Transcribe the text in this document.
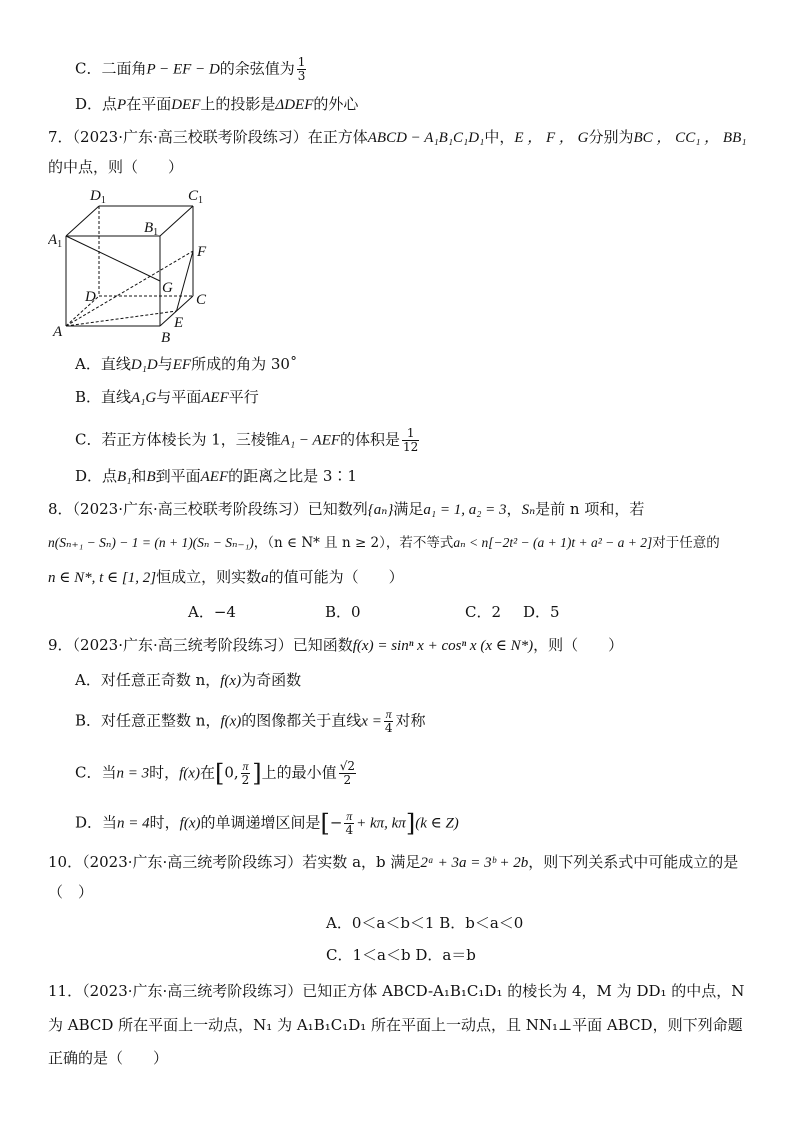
C．二面角P − EF − D的余弦值为 $\frac{1}{3}$
D．点P在平面DEF上的投影是ΔDEF的外心
7．（2023·广东·高三校联考阶段练习）在正方体ABCD − A₁B₁C₁D₁中，E ， F ， G分别为BC ， CC₁ ， BB₁
的中点，则（　　）
$D_1$	$C_1$
$B_1$
$A_1$	F
D
G
C
A
E
B
A．直线D₁D与EF所成的角为 30˚
B．直线A₁G与平面AEF平行
C．若正方体棱长为 1，三棱锥A₁ − AEF的体积是 $\frac{1}{12}$
D．点B₁和B到平面AEF的距离之比是 3∶1
8．（2023·广东·高三校联考阶段练习）已知数列{aₙ}满足a₁ = 1, a₂ = 3，Sₙ是前 n 项和，若
n(Sₙ₊₁ − Sₙ) − 1 = (n + 1)(Sₙ − Sₙ₋₁)，（n ∈ N* 且 n ≥ 2），若不等式aₙ < n[−2t² − (a + 1)t + a² − a + 2]对于任意的
n ∈ N*, t ∈ [1, 2]恒成立，则实数a的值可能为（　　）
A．−4	B．0	C．2 D．5
9．（2023·广东·高三统考阶段练习）已知函数f(x) = sinⁿ x + cosⁿ x (x ∈ N*)，则（　　）
A．对任意正奇数 n，f(x)为奇函数
B．对任意正整数 n，f(x)的图像都关于直线$x = \frac{\pi}{4}$ 对称
C．当n = 3时，f(x)在[0, $\frac{\pi}{2}$ ]上的最小值 $\frac{√2}{2}$
D．当n = 4时，f(x)的单调递增区间是[− $\frac{\pi}{4} + k\pi$, kπ](k ∈ Z)
10．（2023·广东·高三统考阶段练习）若实数 a，b 满足2ᵃ + 3a = 3ᵇ + 2b，则下列关系式中可能成立的是
（　）
A．0＜a＜b＜1 B．b＜a＜0
C．1＜a＜b D．a＝b
11．（2023·广东·高三统考阶段练习）已知正方体 ABCD-A₁B₁C₁D₁ 的棱长为 4，M 为 DD₁ 的中点，N
为 ABCD 所在平面上一动点，N₁ 为 A₁B₁C₁D₁ 所在平面上一动点，且 NN₁⊥平面 ABCD，则下列命题
正确的是（　　）
